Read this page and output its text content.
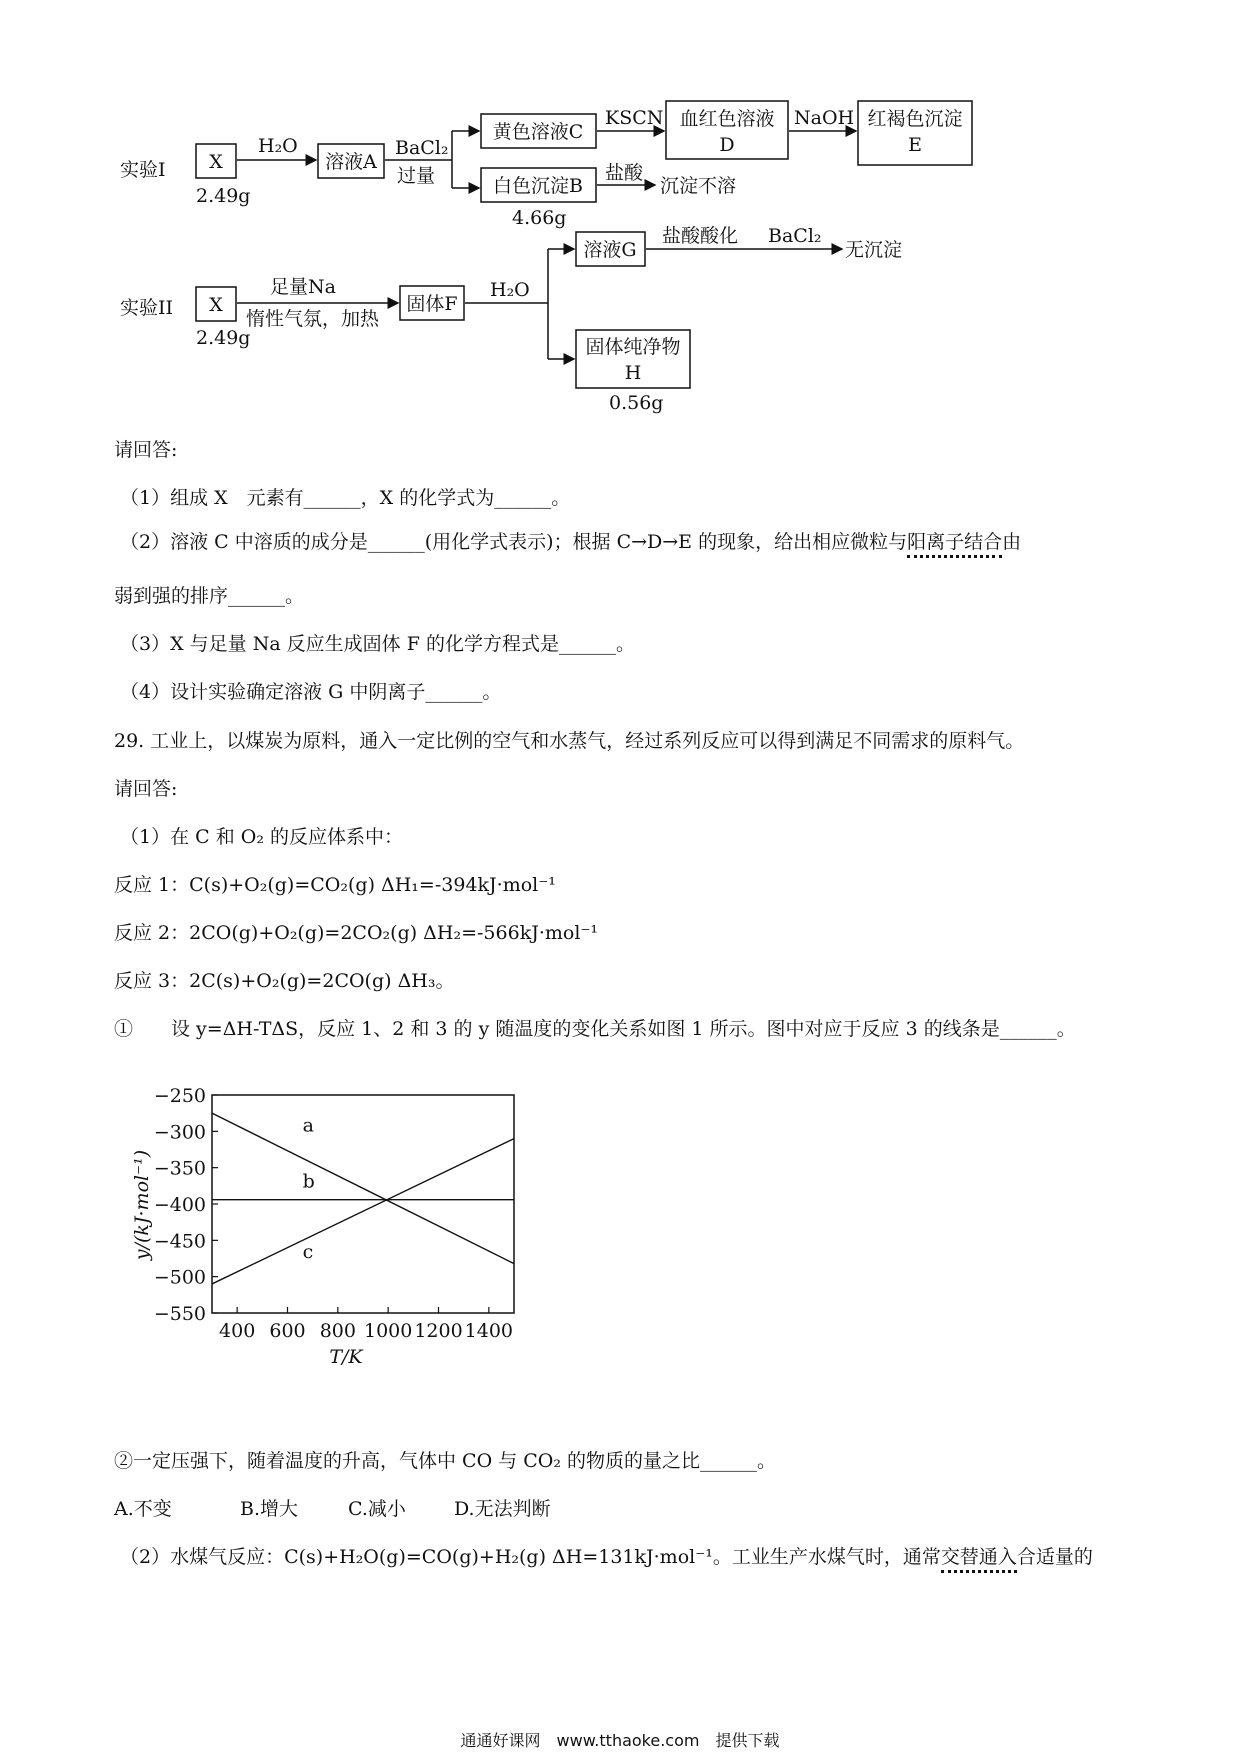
实验I X
2.49g
H₂O
溶液A
BaCl₂
过量
黄色溶液C
KSCN 血红色溶液
D
NaOH 红褐色沉淀
E
白色沉淀B
4.66g
盐酸
沉淀不溶
实验II X
2.49g
足量Na
惰性气氛，加热
固体F
H₂O
溶液G
盐酸酸化 BaCl₂
无沉淀
固体纯净物
H
0.56g
请回答:
（1）组成 X　元素有______，X 的化学式为______。
（2）溶液 C 中溶质的成分是______(用化学式表示)；根据 C→D→E 的现象，给出相应微粒与阳离子结合由
弱到强的排序______。
（3）X 与足量 Na 反应生成固体 F 的化学方程式是______。
（4）设计实验确定溶液 G 中阴离子______。
29. 工业上，以煤炭为原料，通入一定比例的空气和水蒸气，经过系列反应可以得到满足不同需求的原料气。
请回答:
（1）在 C 和 O₂ 的反应体系中：
反应 1：C(s)+O₂(g)=CO₂(g) ΔH₁=-394kJ·mol⁻¹
反应 2：2CO(g)+O₂(g)=2CO₂(g) ΔH₂=-566kJ·mol⁻¹
反应 3：2C(s)+O₂(g)=2CO(g) ΔH₃。
①　　设 y=ΔH-TΔS，反应 1、2 和 3 的 y 随温度的变化关系如图 1 所示。图中对应于反应 3 的线条是______。
−250
−300
−350
−400
−450
−500
−550
400 600 800 1000 1200 1400
a
b
c
y/(kJ·mol⁻¹)
T/K
②一定压强下，随着温度的升高，气体中 CO 与 CO₂ 的物质的量之比______。
A.不变	B.增大	C.减小	D.无法判断
（2）水煤气反应：C(s)+H₂O(g)=CO(g)+H₂(g) ΔH=131kJ·mol⁻¹。工业生产水煤气时，通常交替通入合适量的
通通好课网　www.tthaoke.com　提供下载
